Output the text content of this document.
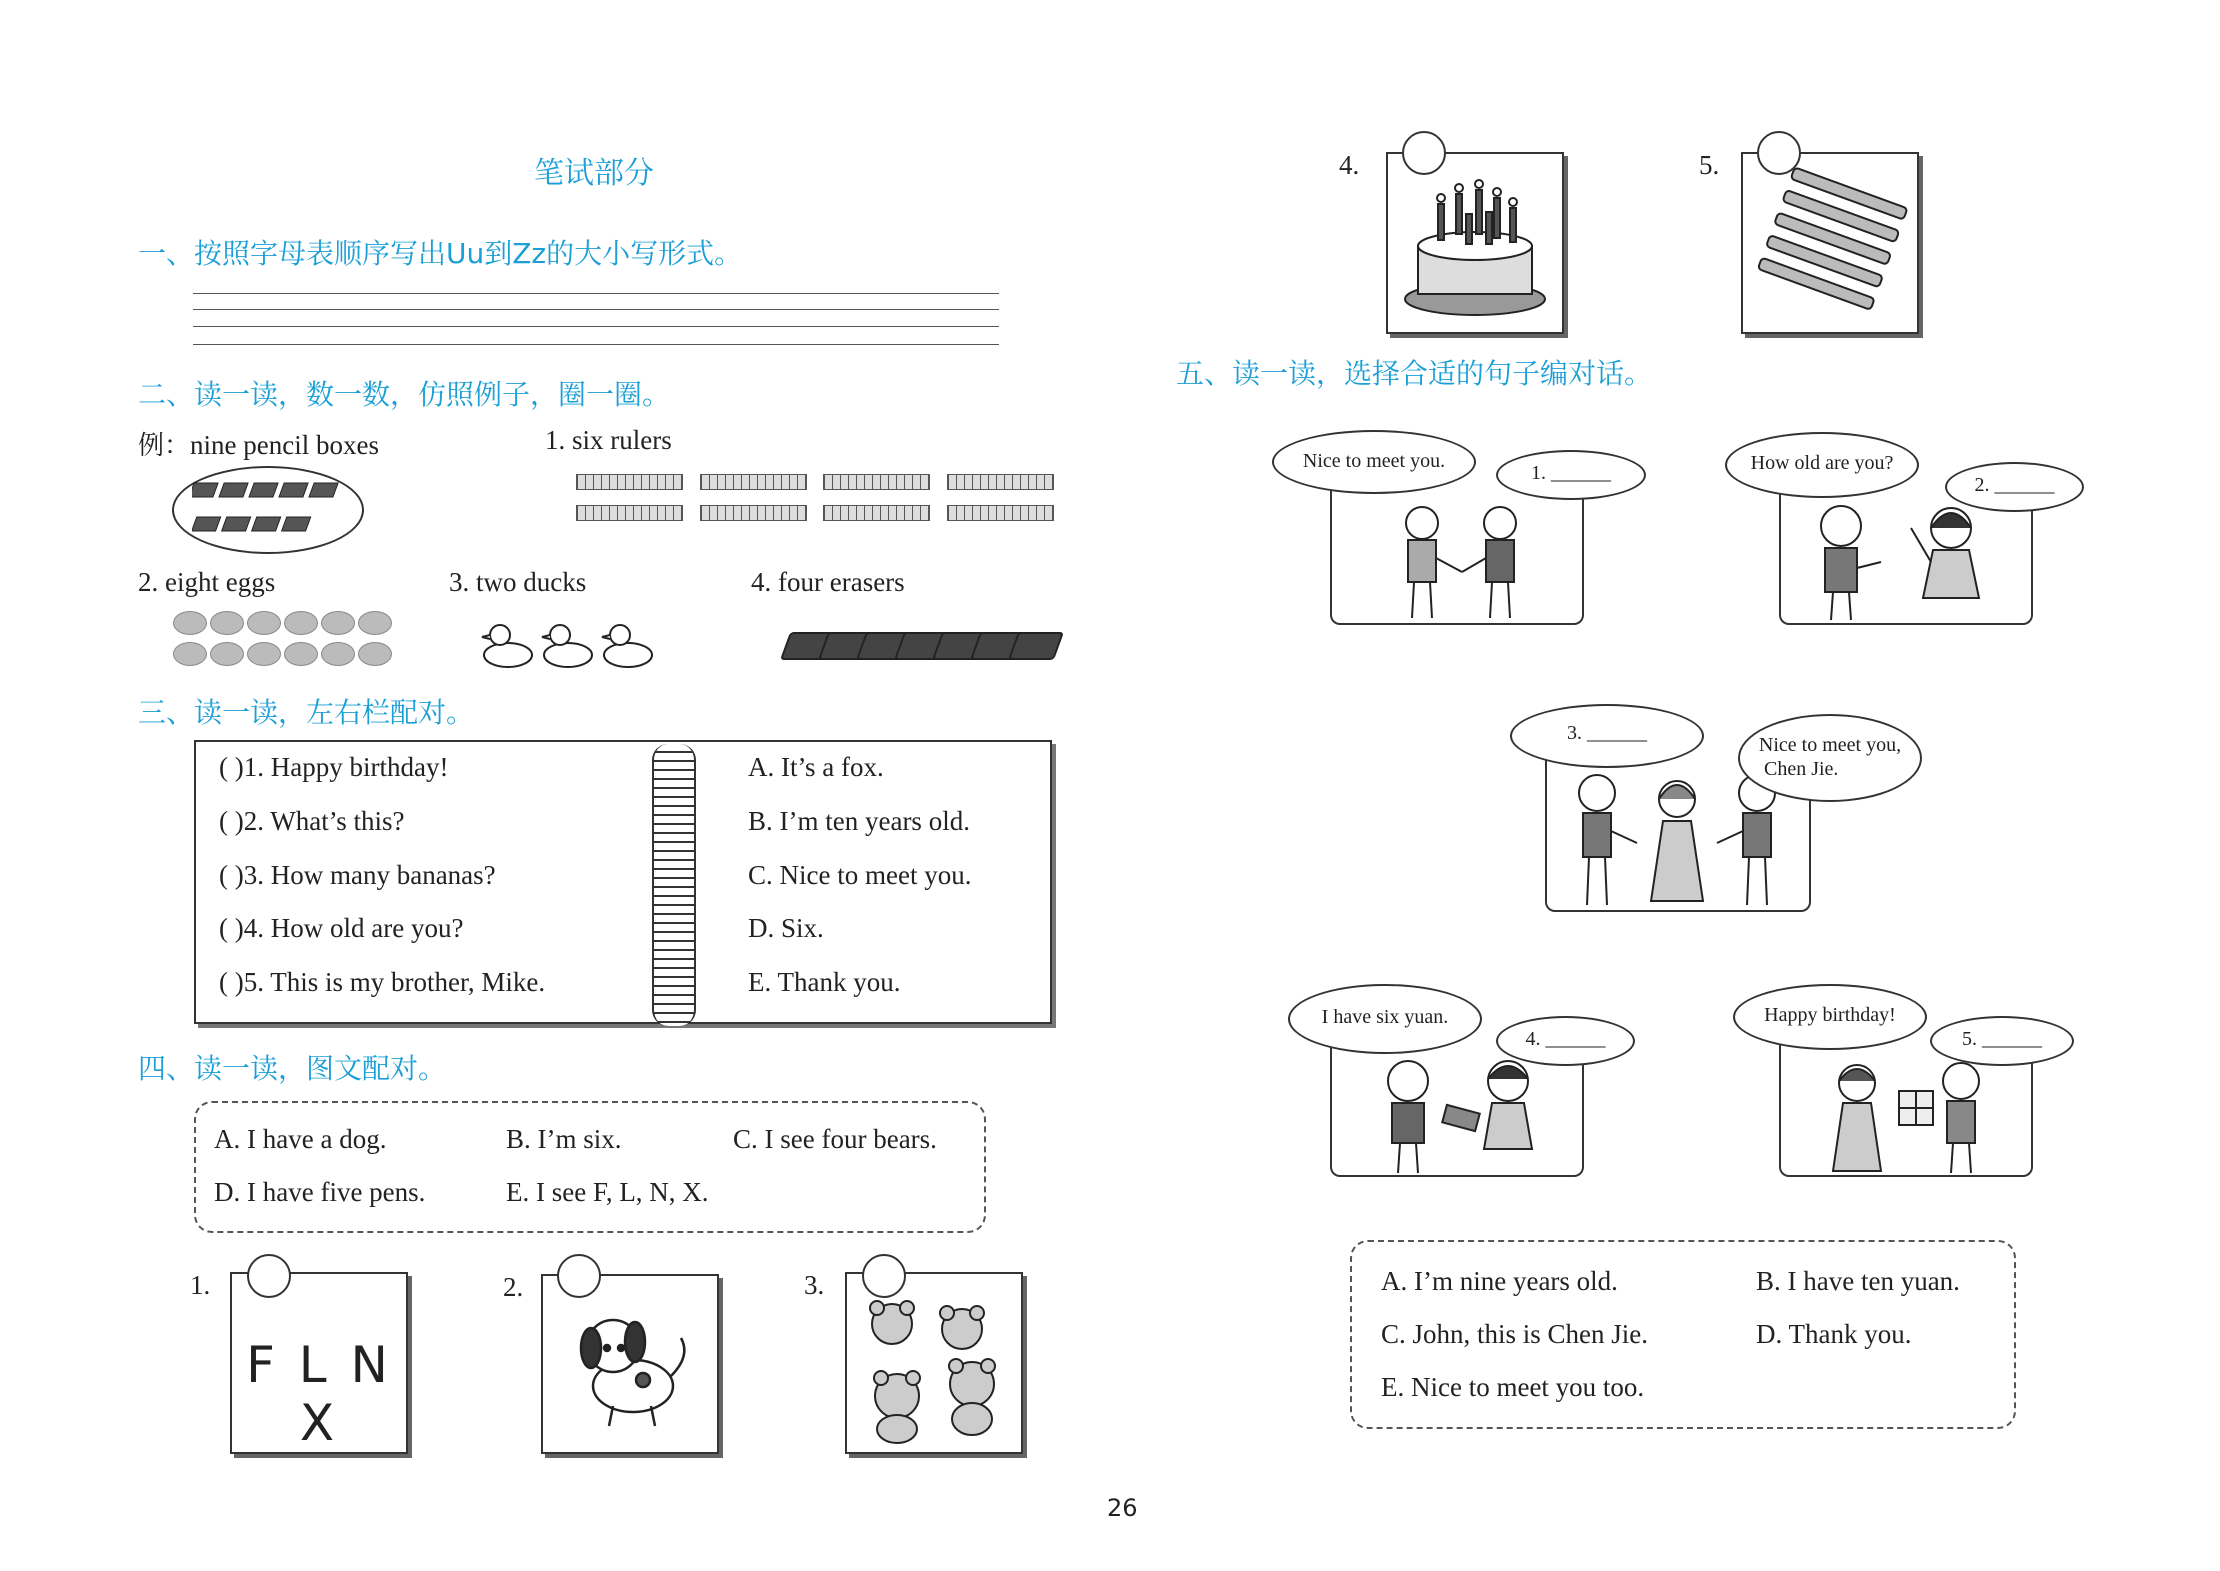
笔试部分
一、按照字母表顺序写出Uu到Zz的大小写形式。
二、读一读，数一数，仿照例子，圈一圈。
例：nine pencil boxes	1. six rulers
2. eight eggs	3. two ducks	4. four erasers
三、读一读，左右栏配对。
( )1. Happy birthday!
( )2. What’s this?
( )3. How many bananas?
( )4. How old are you?
( )5. This is my brother, Mike.
A. It’s a fox.
B. I’m ten years old.
C. Nice to meet you.
D. Six.
E. Thank you.
四、读一读，图文配对。
A. I have a dog.	B. I’m six.	C. I see four bears.
D. I have five pens.	E. I see F, L, N, X.
1.
F L N X
2.	3.
4.	5.
五、读一读，选择合适的句子编对话。
Nice to meet you.
1. ______	How old are you?
2. ______
3. ______
Nice to meet you,
Chen Jie.
I have six yuan.
4. ______
Happy birthday!
5. ______
A. I’m nine years old.	B. I have ten yuan.
C. John, this is Chen Jie.	D. Thank you.
E. Nice to meet you too.
26
